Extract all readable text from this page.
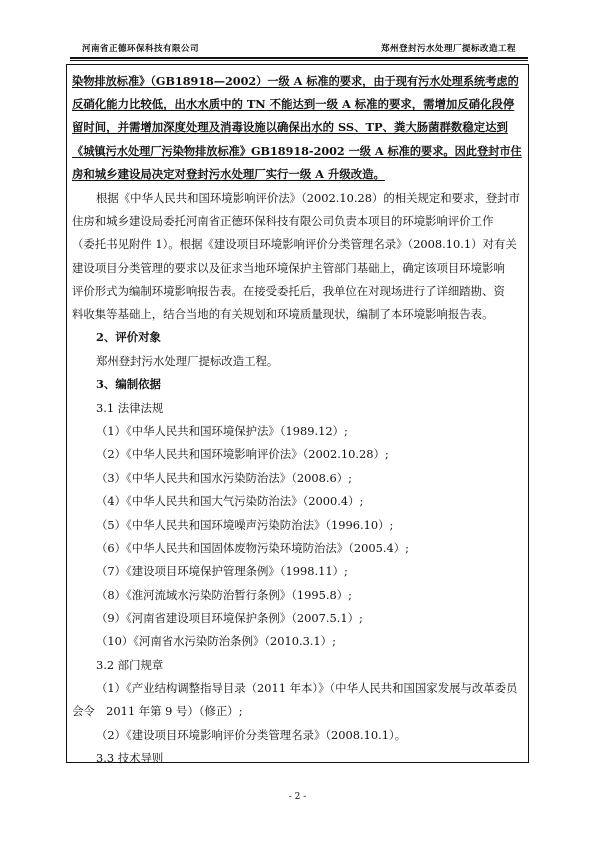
河南省正德环保科技有限公司	郑州登封污水处理厂提标改造工程
染物排放标准》（GB18918—2002）一级 A 标准的要求，由于现有污水处理系统考虑的
反硝化能力比较低，出水水质中的 TN 不能达到一级 A 标准的要求，需增加反硝化段停
留时间，并需增加深度处理及消毒设施以确保出水的 SS、TP、粪大肠菌群数稳定达到
《城镇污水处理厂污染物排放标准》GB18918-2002 一级 A 标准的要求。因此登封市住
房和城乡建设局决定对登封污水处理厂实行一级 A 升级改造。
根据《中华人民共和国环境影响评价法》（2002.10.28）的相关规定和要求，登封市
住房和城乡建设局委托河南省正德环保科技有限公司负责本项目的环境影响评价工作
（委托书见附件 1）。根据《建设项目环境影响评价分类管理名录》（2008.10.1）对有关
建设项目分类管理的要求以及征求当地环境保护主管部门基础上，确定该项目环境影响
评价形式为编制环境影响报告表。在接受委托后，我单位在对现场进行了详细踏勘、资
料收集等基础上，结合当地的有关规划和环境质量现状，编制了本环境影响报告表。
2、评价对象
郑州登封污水处理厂提标改造工程。
3、编制依据
3.1 法律法规
（1）《中华人民共和国环境保护法》（1989.12）;
（2）《中华人民共和国环境影响评价法》（2002.10.28）;
（3）《中华人民共和国水污染防治法》（2008.6）;
（4）《中华人民共和国大气污染防治法》（2000.4）;
（5）《中华人民共和国环境噪声污染防治法》（1996.10）;
（6）《中华人民共和国固体废物污染环境防治法》（2005.4）;
（7）《建设项目环境保护管理条例》（1998.11）;
（8）《淮河流域水污染防治暂行条例》（1995.8）;
（9）《河南省建设项目环境保护条例》（2007.5.1）;
（10）《河南省水污染防治条例》（2010.3.1）;
3.2 部门规章
（1）《产业结构调整指导目录（2011 年本）》（中华人民共和国国家发展与改革委员
会令　2011 年第 9 号）（修正）;
（2）《建设项目环境影响评价分类管理名录》（2008.10.1）。
3.3 技术导则
- 2 -
